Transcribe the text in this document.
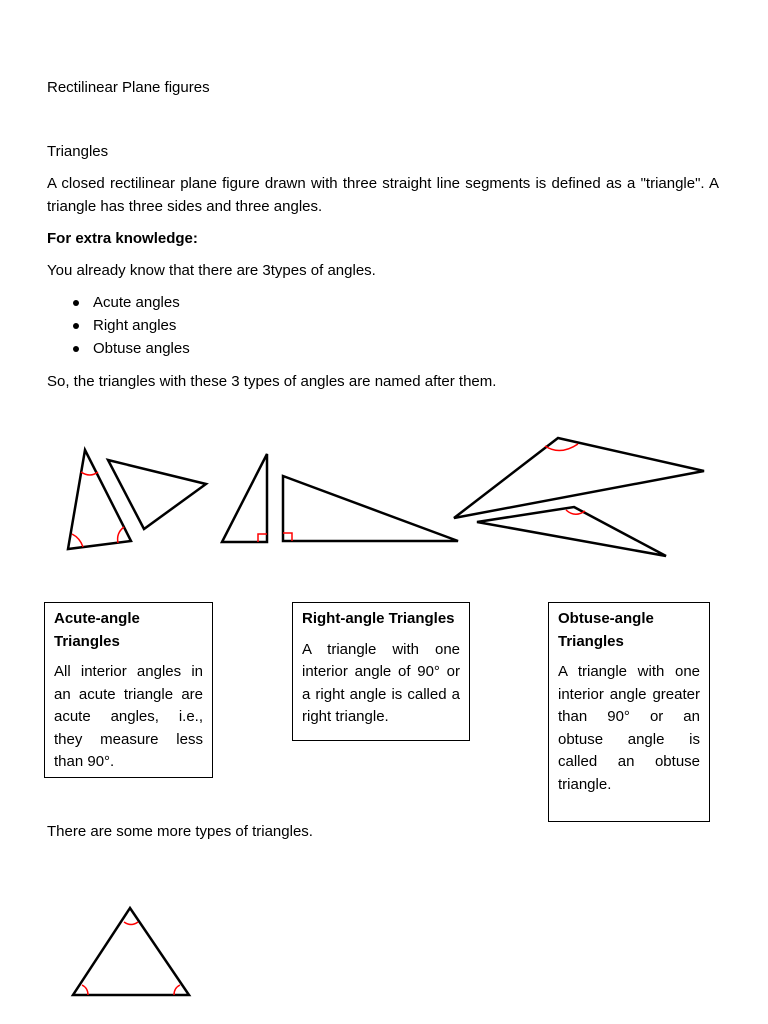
Rectilinear Plane figures

Triangles

A closed rectilinear plane figure drawn with three straight line segments is defined as a "triangle". A triangle has three sides and three angles.

For extra knowledge:

You already know that there are 3types of angles.

Acute angles
Right angles
Obtuse angles

So, the triangles with these 3 types of angles are named after them.

Acute-angle Triangles

All interior angles in an acute triangle are acute angles, i.e., they measure less than 90°.

Right-angle Triangles

A triangle with one interior angle of 90° or a right angle is called a right triangle.

Obtuse-angle Triangles

A triangle with one interior angle greater than 90° or an obtuse angle is called an obtuse triangle.

There are some more types of triangles.
